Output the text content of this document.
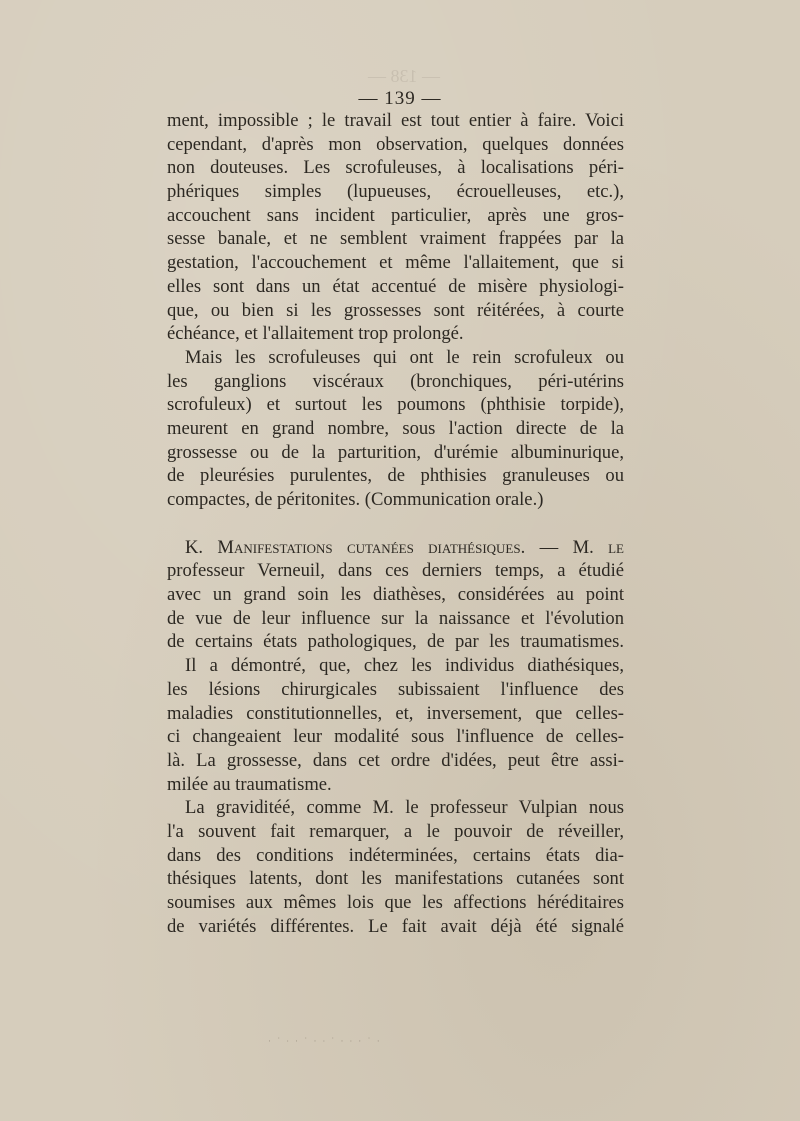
— 138 —
— 139 —
ment, impossible ; le travail est tout entier à faire. Voici
cependant, d'après mon observation, quelques données
non douteuses. Les scrofuleuses, à localisations péri-
phériques simples (lupueuses, écrouelleuses, etc.),
accouchent sans incident particulier, après une gros-
sesse banale, et ne semblent vraiment frappées par la
gestation, l'accouchement et même l'allaitement, que si
elles sont dans un état accentué de misère physiologi-
que, ou bien si les grossesses sont réitérées, à courte
échéance, et l'allaitement trop prolongé.
Mais les scrofuleuses qui ont le rein scrofuleux ou
les ganglions viscéraux (bronchiques, péri-utérins
scrofuleux) et surtout les poumons (phthisie torpide),
meurent en grand nombre, sous l'action directe de la
grossesse ou de la parturition, d'urémie albuminurique,
de pleurésies purulentes, de phthisies granuleuses ou
compactes, de péritonites. (Communication orale.)
K. Manifestations cutanées diathésiques. — M. le
professeur Verneuil, dans ces derniers temps, a étudié
avec un grand soin les diathèses, considérées au point
de vue de leur influence sur la naissance et l'évolution
de certains états pathologiques, de par les traumatismes.
Il a démontré, que, chez les individus diathésiques,
les lésions chirurgicales subissaient l'influence des
maladies constitutionnelles, et, inversement, que celles-
ci changeaient leur modalité sous l'influence de celles-
là. La grossesse, dans cet ordre d'idées, peut être assi-
milée au traumatisme.
La graviditéé, comme M. le professeur Vulpian nous
l'a souvent fait remarquer, a le pouvoir de réveiller,
dans des conditions indéterminées, certains états dia-
thésiques latents, dont les manifestations cutanées sont
soumises aux mêmes lois que les affections héréditaires
de variétés différentes. Le fait avait déjà été signalé
· ˙ ∙ · ˙ · ∙ ˙ · ∙ · ˙ ·
